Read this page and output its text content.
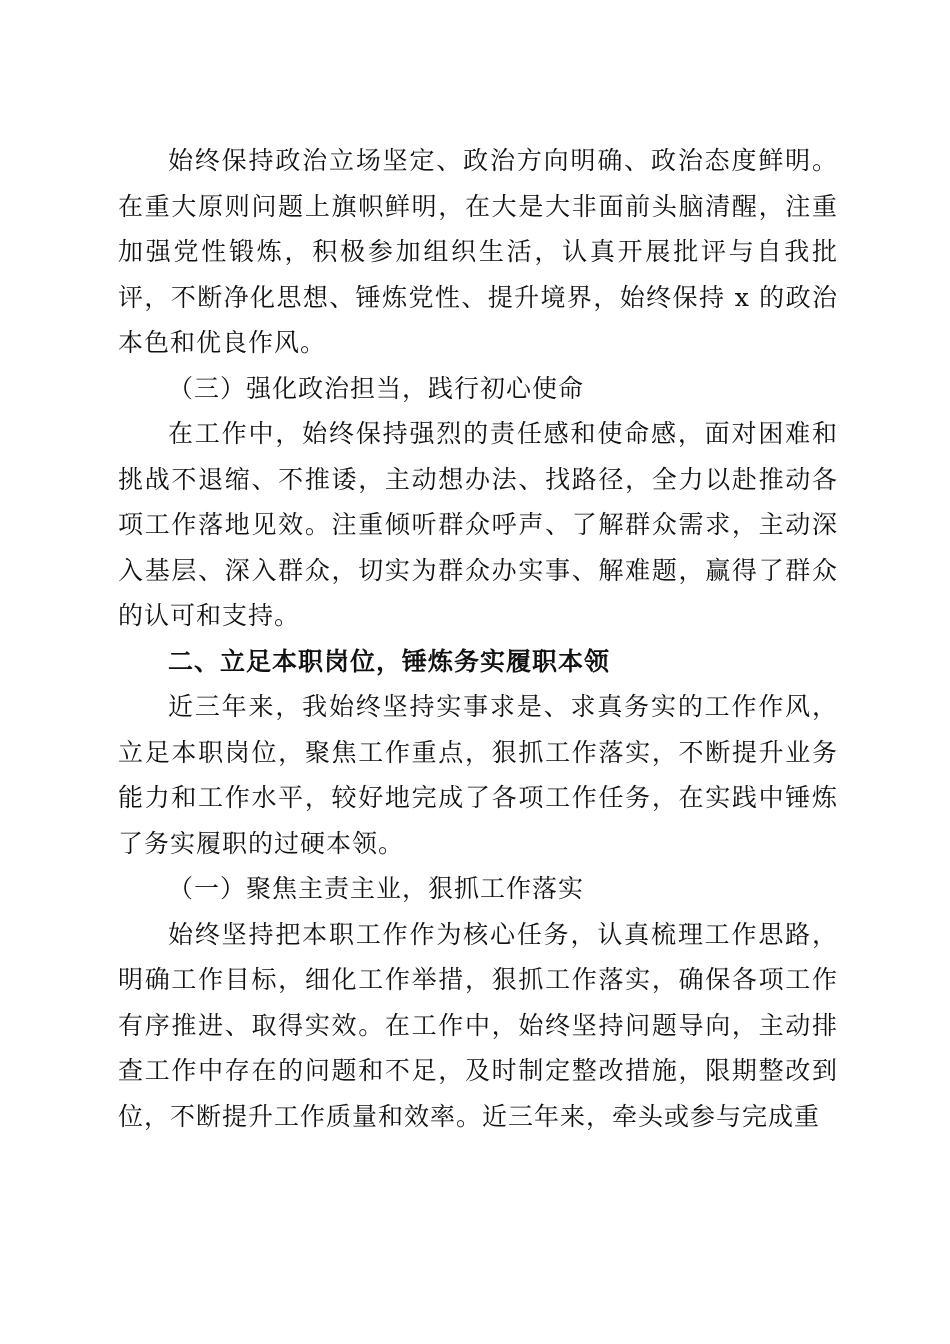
始终保持政治立场坚定、政治方向明确、政治态度鲜明。在重大原则问题上旗帜鲜明，在大是大非面前头脑清醒，注重加强党性锻炼，积极参加组织生活，认真开展批评与自我批评，不断净化思想、锤炼党性、提升境界，始终保持 x 的政治本色和优良作风。

（三）强化政治担当，践行初心使命

在工作中，始终保持强烈的责任感和使命感，面对困难和挑战不退缩、不推诿，主动想办法、找路径，全力以赴推动各项工作落地见效。注重倾听群众呼声、了解群众需求，主动深入基层、深入群众，切实为群众办实事、解难题，赢得了群众的认可和支持。

二、立足本职岗位，锤炼务实履职本领

近三年来，我始终坚持实事求是、求真务实的工作作风，立足本职岗位，聚焦工作重点，狠抓工作落实，不断提升业务能力和工作水平，较好地完成了各项工作任务，在实践中锤炼了务实履职的过硬本领。

（一）聚焦主责主业，狠抓工作落实

始终坚持把本职工作作为核心任务，认真梳理工作思路，明确工作目标，细化工作举措，狠抓工作落实，确保各项工作有序推进、取得实效。在工作中，始终坚持问题导向，主动排查工作中存在的问题和不足，及时制定整改措施，限期整改到位，不断提升工作质量和效率。近三年来，牵头或参与完成重
